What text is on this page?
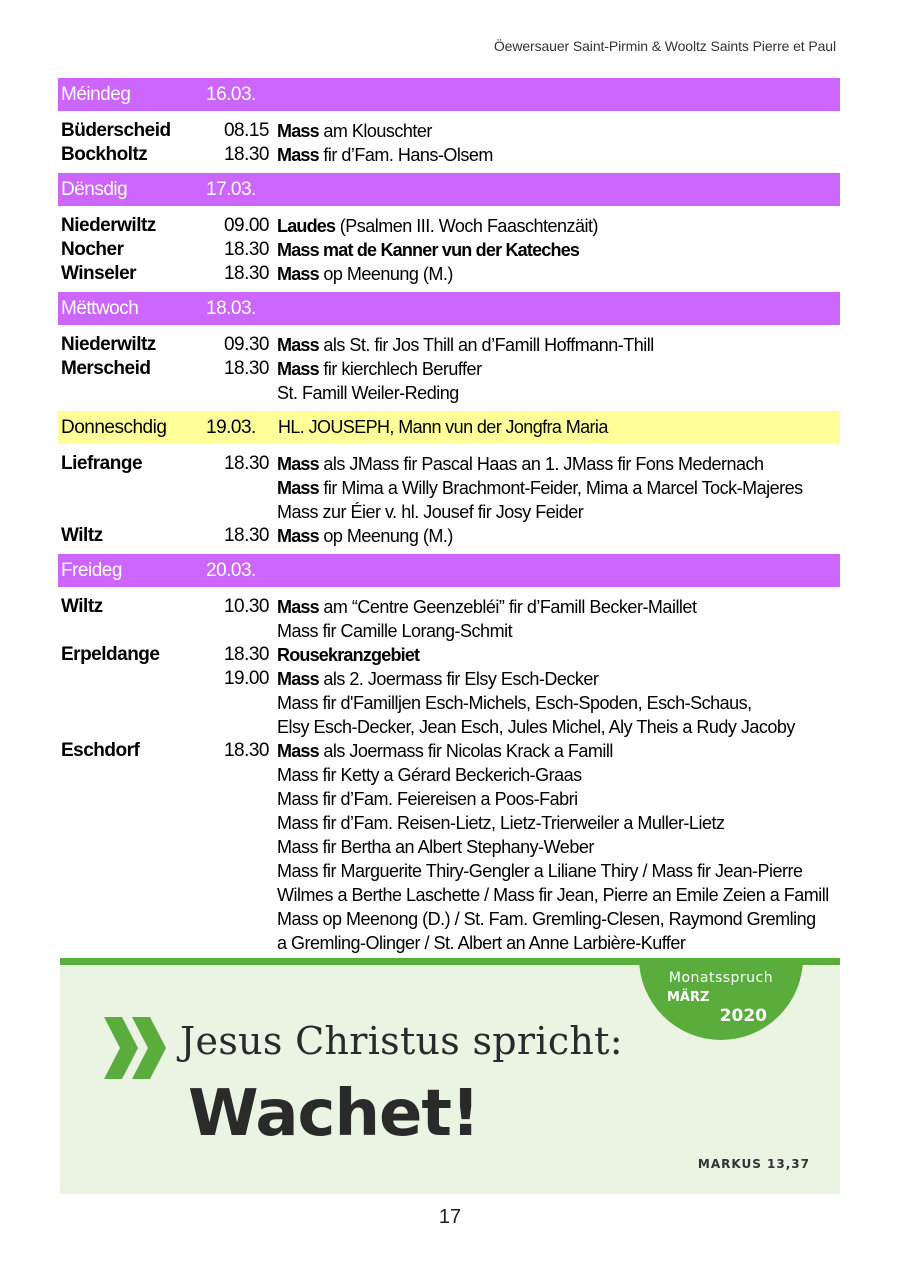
Öewersauer Saint-Pirmin & Wooltz Saints Pierre et Paul
Méindeg	16.03.
Büderscheid	08.15 Mass am Klouschter
Bockholtz	18.30 Mass fir d’Fam. Hans-Olsem
Dënsdig	17.03.
Niederwiltz	09.00 Laudes (Psalmen III. Woch Faaschtenzäit)
Nocher	18.30 Mass mat de Kanner vun der Kateches
Winseler	18.30 Mass op Meenung (M.)
Mëttwoch	18.03.
Niederwiltz	09.30 Mass als St. fir Jos Thill an d’Famill Hoffmann-Thill
Merscheid	18.30 Mass fir kierchlech Beruffer
St. Famill Weiler-Reding
Donneschdig	19.03.	HL. JOUSEPH, Mann vun der Jongfra Maria
Liefrange	18.30 Mass als JMass fir Pascal Haas an 1. JMass fir Fons Medernach
Mass fir Mima a Willy Brachmont-Feider, Mima a Marcel Tock-Majeres
Mass zur Éier v. hl. Jousef fir Josy Feider
Wiltz	18.30 Mass op Meenung (M.)
Freideg	20.03.
Wiltz	10.30 Mass am “Centre Geenzebléi” fir d’Famill Becker-Maillet
Mass fir Camille Lorang-Schmit
Erpeldange	18.30 Rousekranzgebiet
19.00 Mass als 2. Joermass fir Elsy Esch-Decker
Mass fir d'Familljen Esch-Michels, Esch-Spoden, Esch-Schaus,
Elsy Esch-Decker, Jean Esch, Jules Michel, Aly Theis a Rudy Jacoby
Eschdorf	18.30 Mass als Joermass fir Nicolas Krack a Famill
Mass fir Ketty a Gérard Beckerich-Graas
Mass fir d’Fam. Feiereisen a Poos-Fabri
Mass fir d’Fam. Reisen-Lietz, Lietz-Trierweiler a Muller-Lietz
Mass fir Bertha an Albert Stephany-Weber
Mass fir Marguerite Thiry-Gengler a Liliane Thiry / Mass fir Jean-Pierre
Wilmes a Berthe Laschette / Mass fir Jean, Pierre an Emile Zeien a Famill
Mass op Meenong (D.) / St. Fam. Gremling-Clesen, Raymond Gremling
a Gremling-Olinger / St. Albert an Anne Larbière-Kuffer
Jesus Christus spricht:
Wachet!
MARKUS 13,37
Monatsspruch
MÄRZ
2020
17
